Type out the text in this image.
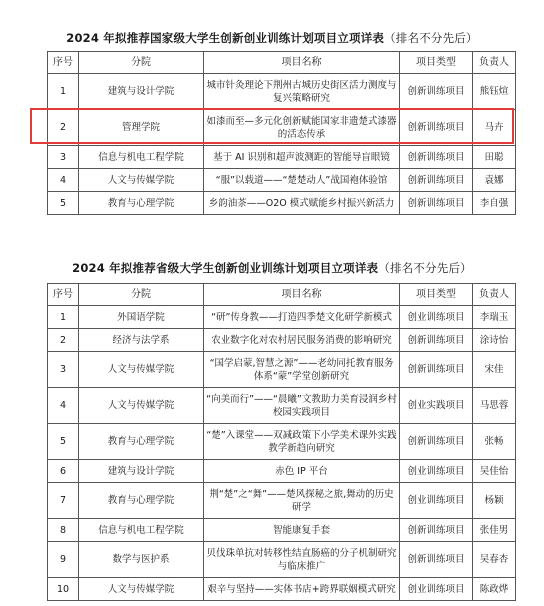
2024 年拟推荐国家级大学生创新创业训练计划项目立项详表（排名不分先后）
序号	分院	项目名称	项目类型	负责人
1	建筑与设计学院	城市针灸理论下荆州古城历史街区活力测度与复兴策略研究	创新训练项目	熊钰煊
2	管理学院	如漆而至—多元化创新赋能国家非遗楚式漆器的活态传承	创新训练项目	马卉
3	信息与机电工程学院	基于 AI 识别和超声波测距的智能导盲眼镜	创新训练项目	田聪
4	人文与传媒学院	“服”以载道——“楚楚动人”战国袍体验馆	创新训练项目	袁娜
5	教育与心理学院	乡韵油茶——O2O 模式赋能乡村振兴新活力	创新训练项目	李自强
2024 年拟推荐省级大学生创新创业训练计划项目立项详表（排名不分先后）
序号	分院	项目名称	项目类型	负责人
1	外国语学院	“研”传身教——打造四季楚文化研学新模式	创业训练项目	李瑞玉
2	经济与法学系	农业数字化对农村居民服务消费的影响研究	创新训练项目	涂诗怡
3	人文与传媒学院	“国学启蒙,智慧之源”——老幼同托教育服务体系“蒙”学堂创新研究	创新训练项目	宋佳
4	人文与传媒学院	“向美而行”——“晨曦”文教助力美育浸润乡村校园实践项目	创业实践项目	马思蓉
5	教育与心理学院	“楚”入课堂——双减政策下小学美术课外实践教学新趋向研究	创新训练项目	张畅
6	建筑与设计学院	赤色 IP 平台	创业训练项目	吴佳怡
7	教育与心理学院	荆“楚”之“舞”——楚风探秘之旅,舞动的历史研学	创业训练项目	杨颖
8	信息与机电工程学院	智能康复手套	创新训练项目	张佳男
9	数学与医护系	贝伐珠单抗对转移性结直肠癌的分子机制研究与临床推广	创新训练项目	吴春杏
10	人文与传媒学院	艰辛与坚持——实体书店+跨界联姻模式研究	创业训练项目	陈政烨
